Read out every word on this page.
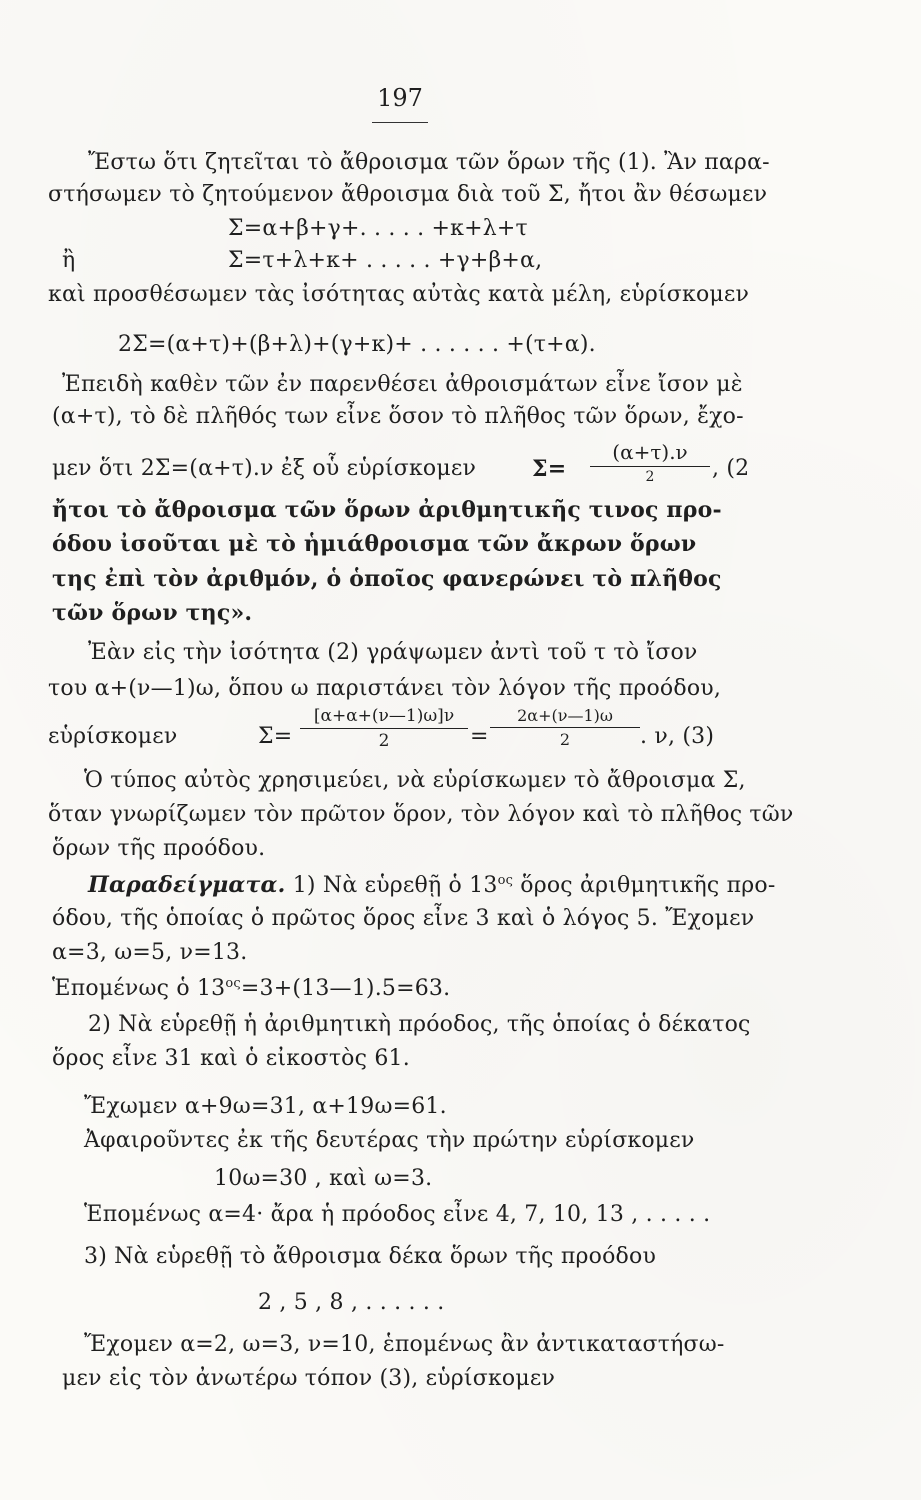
197
Ἔστω ὅτι ζητεῖται τὸ ἄθροισμα τῶν ὅρων τῆς (1). Ἂν παρα-
στήσωμεν τὸ ζητούμενον ἄθροισμα διὰ τοῦ Σ, ἤτοι ἂν θέσωμεν
Σ=α+β+γ+. . . . . +κ+λ+τ
ἢ	Σ=τ+λ+κ+ . . . . . +γ+β+α,
καὶ προσθέσωμεν τὰς ἰσότητας αὐτὰς κατὰ μέλη, εὑρίσκομεν
2Σ=(α+τ)+(β+λ)+(γ+κ)+ . . . . . . +(τ+α).
Ἐπειδὴ καθὲν τῶν ἐν παρενθέσει ἀθροισμάτων εἶνε ἴσον μὲ
(α+τ), τὸ δὲ πλῆθός των εἶνε ὅσον τὸ πλῆθος τῶν ὅρων, ἔχο-
μεν ὅτι 2Σ=(α+τ).ν ἐξ οὗ εὑρίσκομεν	Σ=
(α+τ).ν
2	, (2
ἤτοι τὸ ἄθροισμα τῶν ὅρων ἀριθμητικῆς τινος προ-
όδου ἰσοῦται μὲ τὸ ἡμιάθροισμα τῶν ἄκρων ὅρων
της ἐπὶ τὸν ἀριθμόν, ὁ ὁποῖος φανερώνει τὸ πλῆθος
τῶν ὅρων της».
Ἐὰν εἰς τὴν ἰσότητα (2) γράψωμεν ἀντὶ τοῦ τ τὸ ἴσον
του α+(ν—1)ω, ὅπου ω παριστάνει τὸν λόγον τῆς προόδου,
εὑρίσκομεν	Σ=
[α+α+(ν—1)ω]ν
2	=
2α+(ν—1)ω
2	. ν, (3)
Ὁ τύπος αὐτὸς χρησιμεύει, νὰ εὑρίσκωμεν τὸ ἄθροισμα Σ,
ὅταν γνωρίζωμεν τὸν πρῶτον ὅρον, τὸν λόγον καὶ τὸ πλῆθος τῶν
ὅρων τῆς προόδου.
Παραδείγματα. 1) Νὰ εὑρεθῇ ὁ $13^{o\varsigma}$ ὅρος ἀριθμητικῆς προ-
όδου, τῆς ὁποίας ὁ πρῶτος ὅρος εἶνε 3 καὶ ὁ λόγος 5. Ἔχομεν
α=3, ω=5, ν=13.
Ἑπομένως ὁ $13^{o\varsigma}=3+(13—1).5=63$.
2) Νὰ εὑρεθῇ ἡ ἀριθμητικὴ πρόοδος, τῆς ὁποίας ὁ δέκατος
ὅρος εἶνε 31 καὶ ὁ εἰκοστὸς 61.
Ἔχωμεν α+9ω=31, α+19ω=61.
Ἀφαιροῦντες ἐκ τῆς δευτέρας τὴν πρώτην εὑρίσκομεν
10ω=30 , καὶ ω=3.
Ἑπομένως α=4· ἄρα ἡ πρόοδος εἶνε 4, 7, 10, 13 , . . . . .
3) Νὰ εὑρεθῇ τὸ ἄθροισμα δέκα ὅρων τῆς προόδου
2 , 5 , 8 , . . . . . .
Ἔχομεν α=2, ω=3, ν=10, ἑπομένως ἂν ἀντικαταστήσω-
μεν εἰς τὸν ἀνωτέρω τόπον (3), εὑρίσκομεν
